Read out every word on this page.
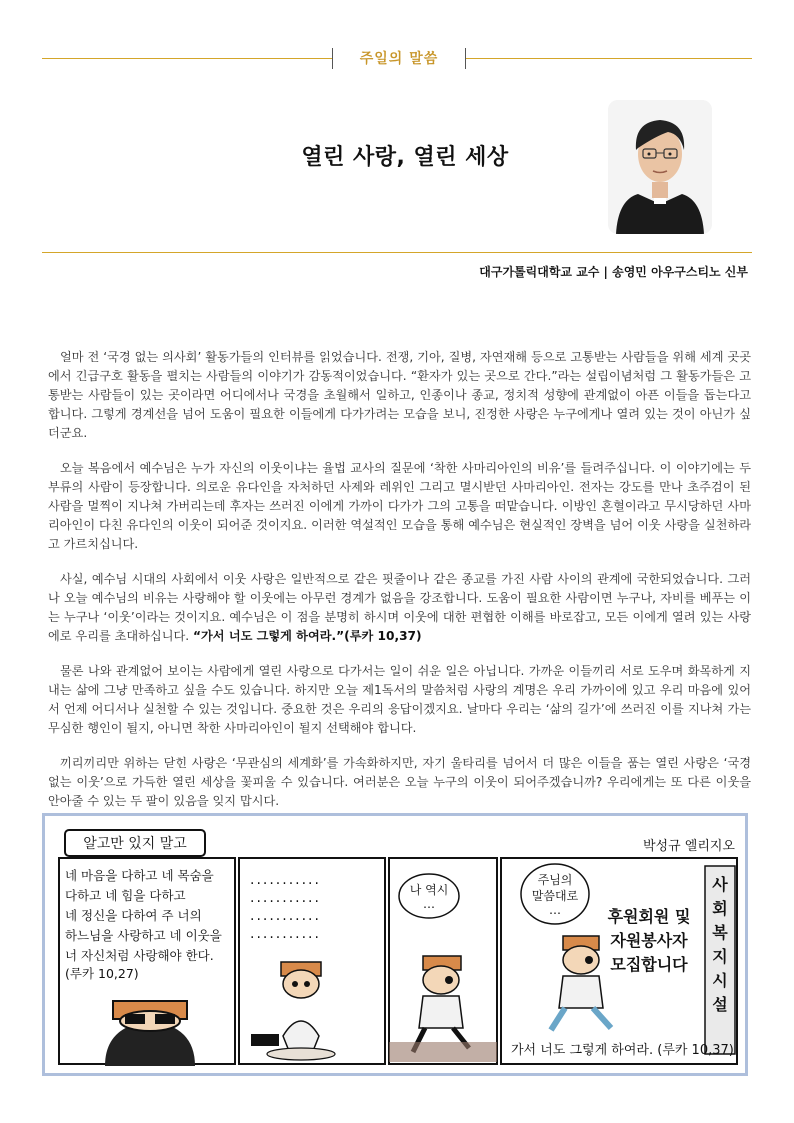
주일의 말씀
열린 사랑, 열린 세상
대구가톨릭대학교 교수 | 송영민 아우구스티노 신부

얼마 전 ‘국경 없는 의사회’ 활동가들의 인터뷰를 읽었습니다. 전쟁, 기아, 질병, 자연재해 등으로 고통받는 사람들을 위해 세계 곳곳에서 긴급구호 활동을 펼치는 사람들의 이야기가 감동적이었습니다. “환자가 있는 곳으로 간다.”라는 설립이념처럼 그 활동가들은 고통받는 사람들이 있는 곳이라면 어디에서나 국경을 초월해서 일하고, 인종이나 종교, 정치적 성향에 관계없이 아픈 이들을 돕는다고 합니다. 그렇게 경계선을 넘어 도움이 필요한 이들에게 다가가려는 모습을 보니, 진정한 사랑은 누구에게나 열려 있는 것이 아닌가 싶더군요.

오늘 복음에서 예수님은 누가 자신의 이웃이냐는 율법 교사의 질문에 ‘착한 사마리아인의 비유’를 들려주십니다. 이 이야기에는 두 부류의 사람이 등장합니다. 의로운 유다인을 자처하던 사제와 레위인 그리고 멸시받던 사마리아인. 전자는 강도를 만나 초주검이 된 사람을 멀찍이 지나쳐 가버리는데 후자는 쓰러진 이에게 가까이 다가가 그의 고통을 떠맡습니다. 이방인 혼혈이라고 무시당하던 사마리아인이 다친 유다인의 이웃이 되어준 것이지요. 이러한 역설적인 모습을 통해 예수님은 현실적인 장벽을 넘어 이웃 사랑을 실천하라고 가르치십니다.

사실, 예수님 시대의 사회에서 이웃 사랑은 일반적으로 같은 핏줄이나 같은 종교를 가진 사람 사이의 관계에 국한되었습니다. 그러나 오늘 예수님의 비유는 사랑해야 할 이웃에는 아무런 경계가 없음을 강조합니다. 도움이 필요한 사람이면 누구나, 자비를 베푸는 이는 누구나 ‘이웃’이라는 것이지요. 예수님은 이 점을 분명히 하시며 이웃에 대한 편협한 이해를 바로잡고, 모든 이에게 열려 있는 사랑에로 우리를 초대하십니다. “가서 너도 그렇게 하여라.”(루카 10,37)

물론 나와 관계없어 보이는 사람에게 열린 사랑으로 다가서는 일이 쉬운 일은 아닙니다. 가까운 이들끼리 서로 도우며 화목하게 지내는 삶에 그냥 만족하고 싶을 수도 있습니다. 하지만 오늘 제1독서의 말씀처럼 사랑의 계명은 우리 가까이에 있고 우리 마음에 있어서 언제 어디서나 실천할 수 있는 것입니다. 중요한 것은 우리의 응답이겠지요. 날마다 우리는 ‘삶의 길가’에 쓰러진 이를 지나쳐 가는 무심한 행인이 될지, 아니면 착한 사마리아인이 될지 선택해야 합니다.

끼리끼리만 위하는 닫힌 사랑은 ‘무관심의 세계화’를 가속화하지만, 자기 울타리를 넘어서 더 많은 이들을 품는 열린 사랑은 ‘국경 없는 이웃’으로 가득한 열린 세상을 꽃피울 수 있습니다. 여러분은 오늘 누구의 이웃이 되어주겠습니까? 우리에게는 또 다른 이웃을 안아줄 수 있는 두 팔이 있음을 잊지 맙시다.

알고만 있지 말고	박성규 엘리지오
네 마음을 다하고 네 목숨을
다하고 네 힘을 다하고
네 정신을 다하여 주 너의
하느님을 사랑하고 네 이웃을
너 자신처럼 사랑해야 한다.
(루카 10,27)
...........
...........
...........
...........
나 역시
…
주님의
말씀대로
…	후원회원 및
자원봉사자
모집합니다
사
회
복
지
시
설
가서 너도 그렇게 하여라. (루카 10,37)
